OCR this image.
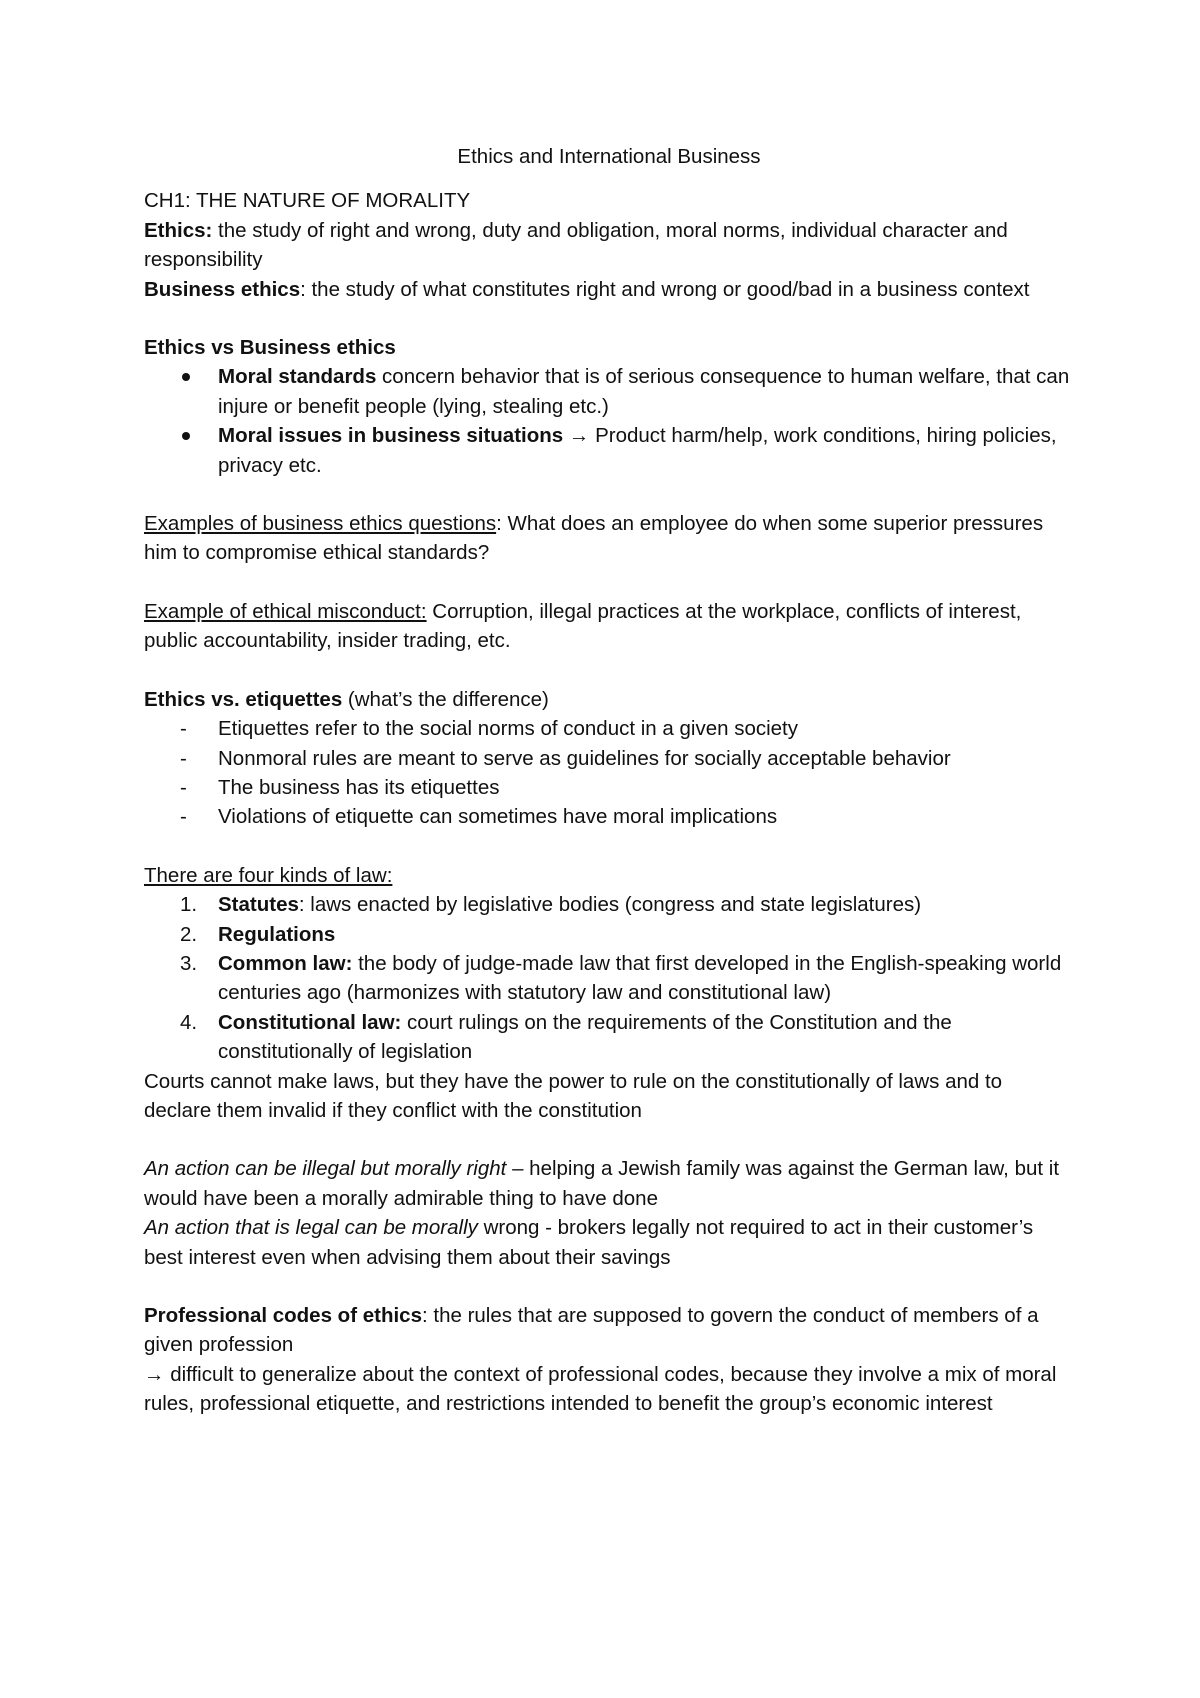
Ethics and International Business

CH1: THE NATURE OF MORALITY

Ethics: the study of right and wrong, duty and obligation, moral norms, individual character and responsibility

Business ethics: the study of what constitutes right and wrong or good/bad in a business context

Ethics vs Business ethics

Moral standards concern behavior that is of serious consequence to human welfare, that can injure or benefit people (lying, stealing etc.)
Moral issues in business situations → Product harm/help, work conditions, hiring policies, privacy etc.

Examples of business ethics questions: What does an employee do when some superior pressures him to compromise ethical standards?

Example of ethical misconduct: Corruption, illegal practices at the workplace, conflicts of interest, public accountability, insider trading, etc.

Ethics vs. etiquettes (what’s the difference)

- Etiquettes refer to the social norms of conduct in a given society
- Nonmoral rules are meant to serve as guidelines for socially acceptable behavior
- The business has its etiquettes
- Violations of etiquette can sometimes have moral implications

There are four kinds of law:

1. Statutes: laws enacted by legislative bodies (congress and state legislatures)
2. Regulations
3. Common law: the body of judge-made law that first developed in the English-speaking world centuries ago (harmonizes with statutory law and constitutional law)
4. Constitutional law: court rulings on the requirements of the Constitution and the constitutionally of legislation

Courts cannot make laws, but they have the power to rule on the constitutionally of laws and to declare them invalid if they conflict with the constitution

An action can be illegal but morally right – helping a Jewish family was against the German law, but it would have been a morally admirable thing to have done

An action that is legal can be morally wrong - brokers legally not required to act in their customer’s best interest even when advising them about their savings

Professional codes of ethics: the rules that are supposed to govern the conduct of members of a given profession

→ difficult to generalize about the context of professional codes, because they involve a mix of moral rules, professional etiquette, and restrictions intended to benefit the group’s economic interest
